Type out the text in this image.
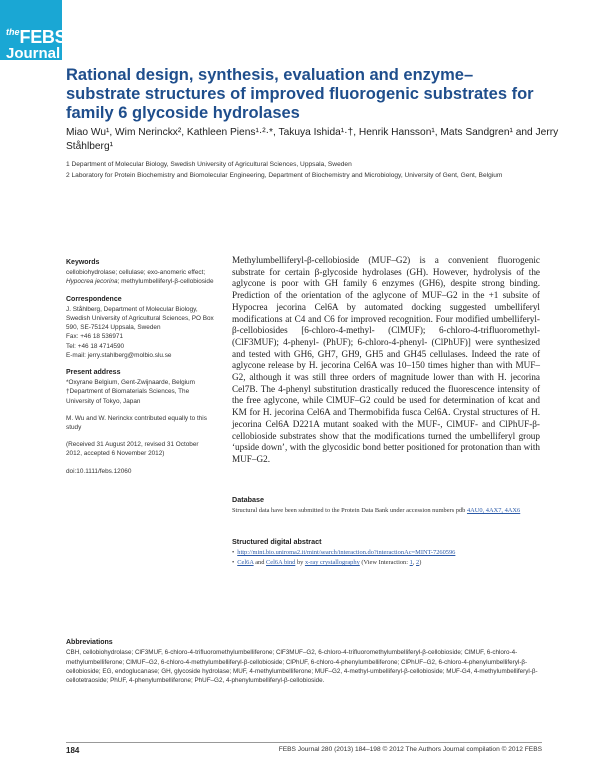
$^{the}$FEBS
Journal
Rational design, synthesis, evaluation and enzyme–substrate structures of improved fluorogenic substrates for family 6 glycoside hydrolases
Miao Wu¹, Wim Nerinckx², Kathleen Piens¹·²·*, Takuya Ishida¹·†, Henrik Hansson¹, Mats Sandgren¹ and Jerry Ståhlberg¹

1 Department of Molecular Biology, Swedish University of Agricultural Sciences, Uppsala, Sweden

2 Laboratory for Protein Biochemistry and Biomolecular Engineering, Department of Biochemistry and Microbiology, University of Gent, Gent, Belgium

Keywords
cellobiohydrolase; cellulase; exo-anomeric effect; Hypocrea jecorina; methylumbelliferyl-β-cellobioside
Correspondence
J. Ståhlberg, Department of Molecular Biology, Swedish University of Agricultural Sciences, PO Box 590, SE-75124 Uppsala, Sweden
Fax: +46 18 536971
Tel: +46 18 4714590
E-mail: jerry.stahlberg@molbio.slu.se
Present address
*Oxyrane Belgium, Gent-Zwijnaarde, Belgium
†Department of Biomaterials Sciences, The University of Tokyo, Japan
M. Wu and W. Nerinckx contributed equally to this study
(Received 31 August 2012, revised 31 October 2012, accepted 6 November 2012)
doi:10.1111/febs.12060
Methylumbelliferyl-β-cellobioside (MUF–G2) is a convenient fluorogenic substrate for certain β-glycoside hydrolases (GH). However, hydrolysis of the aglycone is poor with GH family 6 enzymes (GH6), despite strong binding. Prediction of the orientation of the aglycone of MUF–G2 in the +1 subsite of Hypocrea jecorina Cel6A by automated docking suggested umbelliferyl modifications at C4 and C6 for improved recognition. Four modified umbelliferyl-β-cellobiosides [6-chloro-4-methyl- (ClMUF); 6-chloro-4-trifluoromethyl- (ClF3MUF); 4-phenyl- (PhUF); 6-chloro-4-phenyl- (ClPhUF)] were synthesized and tested with GH6, GH7, GH9, GH5 and GH45 cellulases. Indeed the rate of aglycone release by H. jecorina Cel6A was 10–150 times higher than with MUF–G2, although it was still three orders of magnitude lower than with H. jecorina Cel7B. The 4-phenyl substitution drastically reduced the fluorescence intensity of the free aglycone, while ClMUF–G2 could be used for determination of kcat and KM for H. jecorina Cel6A and Thermobifida fusca Cel6A. Crystal structures of H. jecorina Cel6A D221A mutant soaked with the MUF-, ClMUF- and ClPhUF-β-cellobioside substrates show that the modifications turned the umbelliferyl group ‘upside down’, with the glycosidic bond better positioned for protonation than with MUF–G2.
Database
Structural data have been submitted to the Protein Data Bank under accession numbers pdb 4AU0, 4AX7, 4AX6
Structured digital abstract
• http://mint.bio.uniroma2.it/mint/search/interaction.do?interactionAc=MINT-7260596
• Cel6A and Cel6A bind by x-ray crystallography (View Interaction: 1, 2)
Abbreviations
CBH, cellobiohydrolase; ClF3MUF, 6-chloro-4-trifluoromethylumbelliferone; ClF3MUF–G2, 6-chloro-4-trifluoromethylumbelliferyl-β-cellobioside; ClMUF, 6-chloro-4-methylumbelliferone; ClMUF–G2, 6-chloro-4-methylumbelliferyl-β-cellobioside; ClPhUF, 6-chloro-4-phenylumbelliferone; ClPhUF–G2, 6-chloro-4-phenylumbelliferyl-β-cellobioside; EG, endoglucanase; GH, glycoside hydrolase; MUF, 4-methylumbelliferone; MUF–G2, 4-methyl-umbelliferyl-β-cellobioside; MUF-G4, 4-methylumbelliferyl-β-cellotetraoside; PhUF, 4-phenylumbelliferone; PhUF–G2, 4-phenylumbelliferyl-β-cellobioside.
184	FEBS Journal 280 (2013) 184–198 © 2012 The Authors Journal compilation © 2012 FEBS
